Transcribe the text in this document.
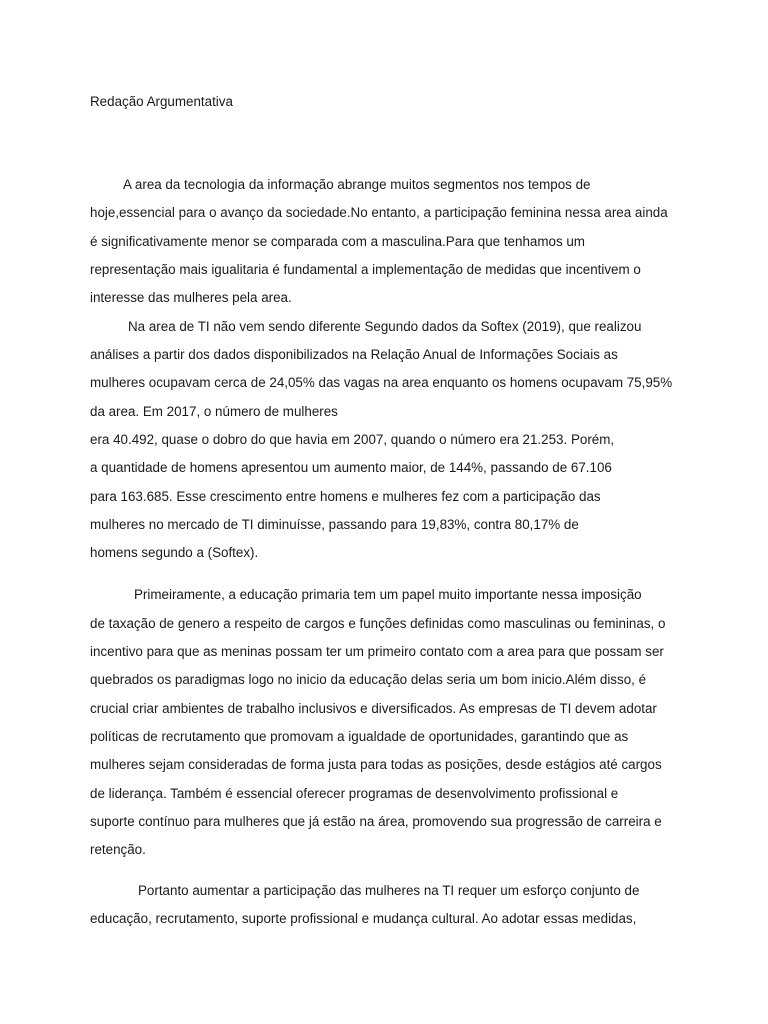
Redação Argumentativa
A area da tecnologia da informação abrange muitos segmentos nos tempos de
hoje,essencial para o avanço da sociedade.No entanto, a participação feminina nessa area ainda
é significativamente menor se comparada com a masculina.Para que tenhamos um
representação mais igualitaria é fundamental a implementação de medidas que incentivem o
interesse das mulheres pela area.
Na area de TI não vem sendo diferente Segundo dados da Softex (2019), que realizou
análises a partir dos dados disponibilizados na Relação Anual de Informações Sociais as
mulheres ocupavam cerca de 24,05% das vagas na area enquanto os homens ocupavam 75,95%
da area. Em 2017, o número de mulheres
era 40.492, quase o dobro do que havia em 2007, quando o número era 21.253. Porém,
a quantidade de homens apresentou um aumento maior, de 144%, passando de 67.106
para 163.685. Esse crescimento entre homens e mulheres fez com a participação das
mulheres no mercado de TI diminuísse, passando para 19,83%, contra 80,17% de
homens segundo a (Softex).
Primeiramente, a educação primaria tem um papel muito importante nessa imposição
de taxação de genero a respeito de cargos e funções definidas como masculinas ou femininas, o
incentivo para que as meninas possam ter um primeiro contato com a area para que possam ser
quebrados os paradigmas logo no inicio da educação delas seria um bom inicio.Além disso, é
crucial criar ambientes de trabalho inclusivos e diversificados. As empresas de TI devem adotar
políticas de recrutamento que promovam a igualdade de oportunidades, garantindo que as
mulheres sejam consideradas de forma justa para todas as posições, desde estágios até cargos
de liderança. Também é essencial oferecer programas de desenvolvimento profissional e
suporte contínuo para mulheres que já estão na área, promovendo sua progressão de carreira e
retenção.
Portanto aumentar a participação das mulheres na TI requer um esforço conjunto de
educação, recrutamento, suporte profissional e mudança cultural. Ao adotar essas medidas,
